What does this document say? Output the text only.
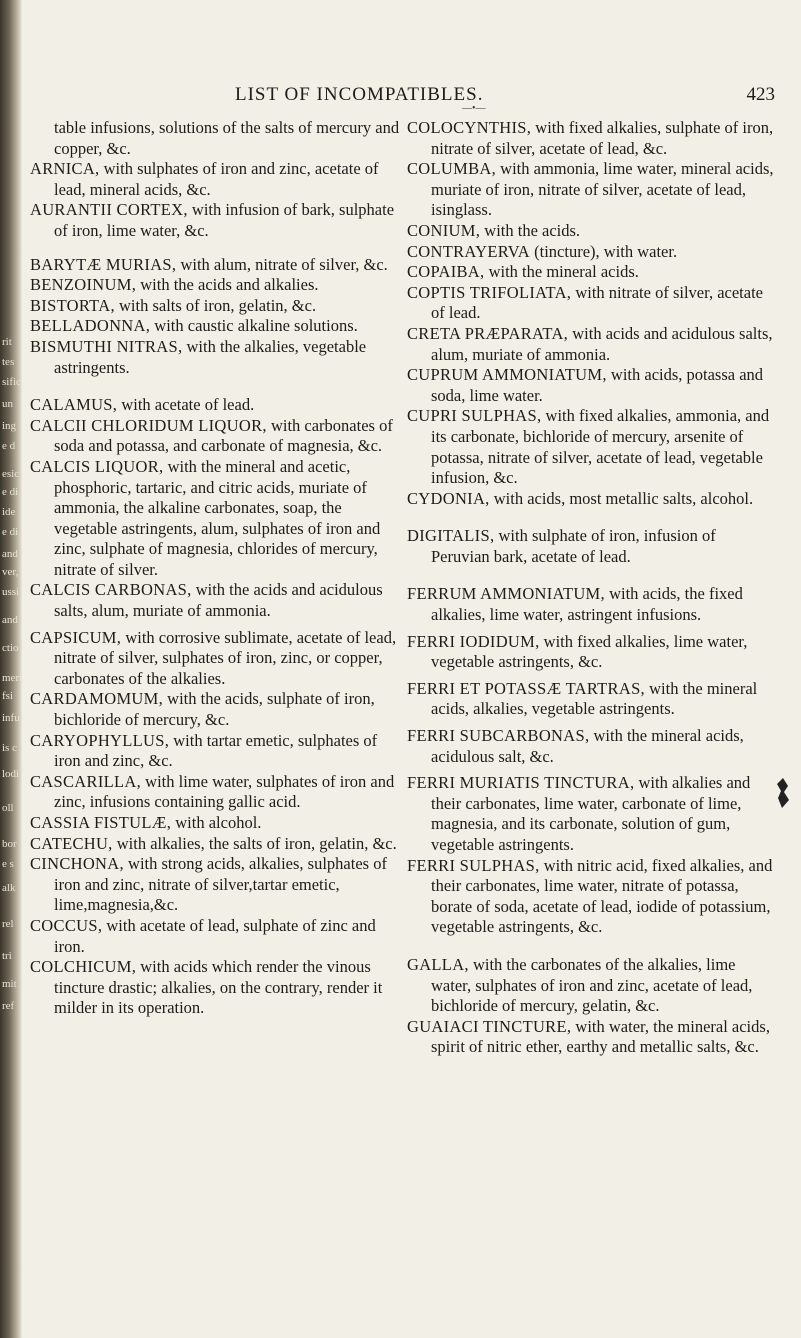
rit
tes
sific
un
ing
e d
esic
e di
ide
e di
and
ver,
ussi
and
ctio
meri
fsi
infu
is c
lodi
oll
bor
e s
alk
rel
tri
mit
ref
LIST OF INCOMPATIBLES.	423
—•—

table infusions, solutions of the salts of mercury and copper, &c.

ARNICA, with sulphates of iron and zinc, acetate of lead, mineral acids, &c.

AURANTII CORTEX, with infusion of bark, sulphate of iron, lime water, &c.

BARYTÆ MURIAS, with alum, nitrate of silver, &c.

BENZOINUM, with the acids and alkalies.

BISTORTA, with salts of iron, gelatin, &c.

BELLADONNA, with caustic alkaline solutions.

BISMUTHI NITRAS, with the alkalies, vegetable astringents.

CALAMUS, with acetate of lead.

CALCII CHLORIDUM LIQUOR, with carbonates of soda and potassa, and carbonate of magnesia, &c.

CALCIS LIQUOR, with the mineral and acetic, phosphoric, tartaric, and citric acids, muriate of ammonia, the alkaline carbonates, soap, the vegetable astringents, alum, sulphates of iron and zinc, sulphate of magnesia, chlorides of mercury, nitrate of silver.

CALCIS CARBONAS, with the acids and acidulous salts, alum, muriate of ammonia.

CAPSICUM, with corrosive sublimate, acetate of lead, nitrate of silver, sulphates of iron, zinc, or copper, carbonates of the alkalies.

CARDAMOMUM, with the acids, sulphate of iron, bichloride of mercury, &c.

CARYOPHYLLUS, with tartar emetic, sulphates of iron and zinc, &c.

CASCARILLA, with lime water, sulphates of iron and zinc, infusions containing gallic acid.

CASSIA FISTULÆ, with alcohol.

CATECHU, with alkalies, the salts of iron, gelatin, &c.

CINCHONA, with strong acids, alkalies, sulphates of iron and zinc, nitrate of silver,tartar emetic, lime,magnesia,&c.

COCCUS, with acetate of lead, sulphate of zinc and iron.

COLCHICUM, with acids which render the vinous tincture drastic; alkalies, on the contrary, render it milder in its operation.

COLOCYNTHIS, with fixed alkalies, sulphate of iron, nitrate of silver, acetate of lead, &c.

COLUMBA, with ammonia, lime water, mineral acids, muriate of iron, nitrate of silver, acetate of lead, isinglass.

CONIUM, with the acids.

CONTRAYERVA (tincture), with water.

COPAIBA, with the mineral acids.

COPTIS TRIFOLIATA, with nitrate of silver, acetate of lead.

CRETA PRÆPARATA, with acids and acidulous salts, alum, muriate of ammonia.

CUPRUM AMMONIATUM, with acids, potassa and soda, lime water.

CUPRI SULPHAS, with fixed alkalies, ammonia, and its carbonate, bichloride of mercury, arsenite of potassa, nitrate of silver, acetate of lead, vegetable infusion, &c.

CYDONIA, with acids, most metallic salts, alcohol.

DIGITALIS, with sulphate of iron, infusion of Peruvian bark, acetate of lead.

FERRUM AMMONIATUM, with acids, the fixed alkalies, lime water, astringent infusions.

FERRI IODIDUM, with fixed alkalies, lime water, vegetable astringents, &c.

FERRI ET POTASSÆ TARTRAS, with the mineral acids, alkalies, vegetable astringents.

FERRI SUBCARBONAS, with the mineral acids, acidulous salt, &c.

FERRI MURIATIS TINCTURA, with alkalies and their carbonates, lime water, carbonate of lime, magnesia, and its carbonate, solution of gum, vegetable astringents.

FERRI SULPHAS, with nitric acid, fixed alkalies, and their carbonates, lime water, nitrate of potassa, borate of soda, acetate of lead, iodide of potassium, vegetable astringents, &c.

GALLA, with the carbonates of the alkalies, lime water, sulphates of iron and zinc, acetate of lead, bichloride of mercury, gelatin, &c.

GUAIACI TINCTURE, with water, the mineral acids, spirit of nitric ether, earthy and metallic salts, &c.
